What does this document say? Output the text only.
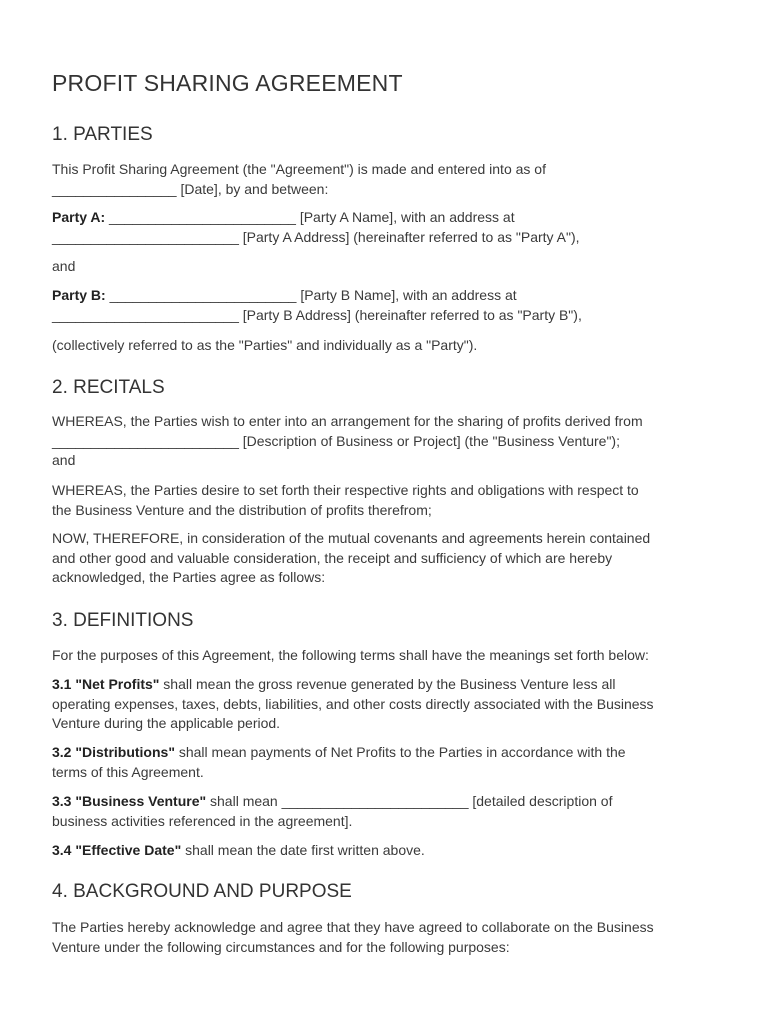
PROFIT SHARING AGREEMENT
1. PARTIES

This Profit Sharing Agreement (the "Agreement") is made and entered into as of
________________ [Date], by and between:

Party A: ________________________ [Party A Name], with an address at
________________________ [Party A Address] (hereinafter referred to as "Party A"),

and

Party B: ________________________ [Party B Name], with an address at
________________________ [Party B Address] (hereinafter referred to as "Party B"),

(collectively referred to as the "Parties" and individually as a "Party").

2. RECITALS

WHEREAS, the Parties wish to enter into an arrangement for the sharing of profits derived from
________________________ [Description of Business or Project] (the "Business Venture");
and

WHEREAS, the Parties desire to set forth their respective rights and obligations with respect to
the Business Venture and the distribution of profits therefrom;

NOW, THEREFORE, in consideration of the mutual covenants and agreements herein contained
and other good and valuable consideration, the receipt and sufficiency of which are hereby
acknowledged, the Parties agree as follows:

3. DEFINITIONS

For the purposes of this Agreement, the following terms shall have the meanings set forth below:

3.1 "Net Profits" shall mean the gross revenue generated by the Business Venture less all
operating expenses, taxes, debts, liabilities, and other costs directly associated with the Business
Venture during the applicable period.

3.2 "Distributions" shall mean payments of Net Profits to the Parties in accordance with the
terms of this Agreement.

3.3 "Business Venture" shall mean ________________________ [detailed description of
business activities referenced in the agreement].

3.4 "Effective Date" shall mean the date first written above.

4. BACKGROUND AND PURPOSE

The Parties hereby acknowledge and agree that they have agreed to collaborate on the Business
Venture under the following circumstances and for the following purposes:
